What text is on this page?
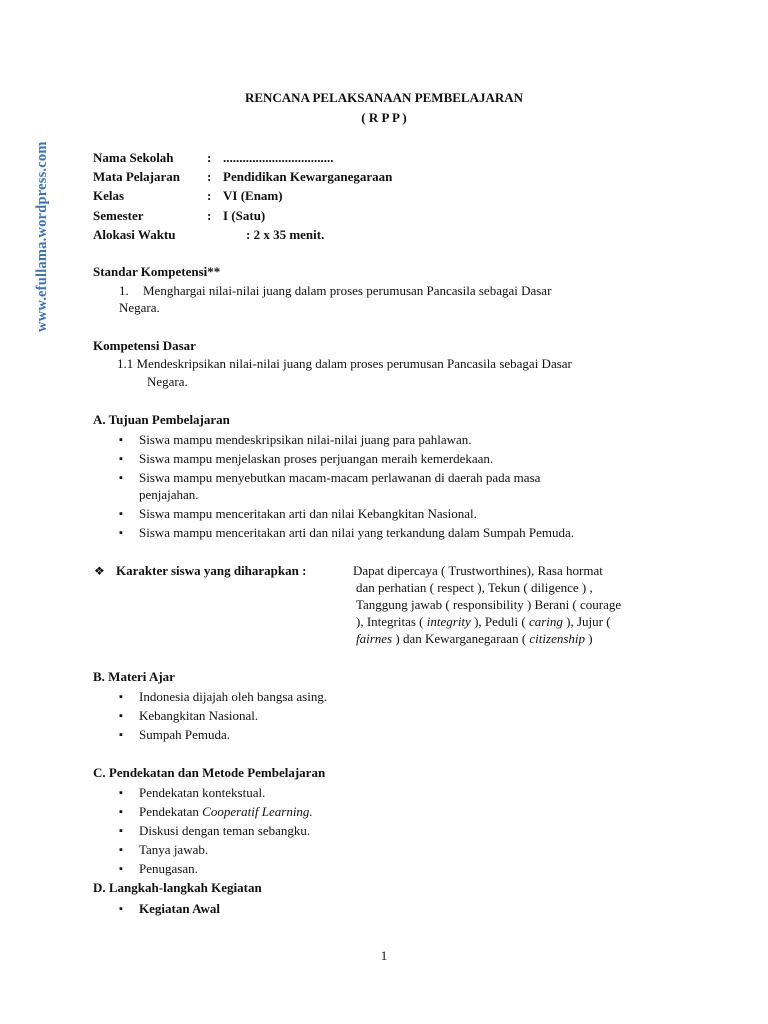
www.efullama.wordpress.com
RENCANA PELAKSANAAN PEMBELAJARAN
( R P P )
Nama Sekolah	: ..................................
Mata Pelajaran : Pendidikan Kewarganegaraan
Kelas	: VI (Enam)
Semester	: I (Satu)
Alokasi Waktu	: 2 x 35 menit.
Standar Kompetensi**
1. Menghargai nilai-nilai juang dalam proses perumusan Pancasila sebagai Dasar
Negara.
Kompetensi Dasar
1.1 Mendeskripsikan nilai-nilai juang dalam proses perumusan Pancasila sebagai Dasar
Negara.
A. Tujuan Pembelajaran
▪ Siswa mampu mendeskripsikan nilai-nilai juang para pahlawan.
▪ Siswa mampu menjelaskan proses perjuangan meraih kemerdekaan.
▪ Siswa mampu menyebutkan macam-macam perlawanan di daerah pada masa
penjajahan.
▪ Siswa mampu menceritakan arti dan nilai Kebangkitan Nasional.
▪ Siswa mampu menceritakan arti dan nilai yang terkandung dalam Sumpah Pemuda.
❖ Karakter siswa yang diharapkan :	Dapat dipercaya ( Trustworthines), Rasa hormat
dan perhatian ( respect ), Tekun ( diligence ) ,
Tanggung jawab ( responsibility ) Berani ( courage
), Integritas ( integrity ), Peduli ( caring ), Jujur (
fairnes ) dan Kewarganegaraan ( citizenship )
B. Materi Ajar
▪ Indonesia dijajah oleh bangsa asing.
▪ Kebangkitan Nasional.
▪ Sumpah Pemuda.
C. Pendekatan dan Metode Pembelajaran
▪ Pendekatan kontekstual.
▪ Pendekatan Cooperatif Learning.
▪ Diskusi dengan teman sebangku.
▪ Tanya jawab.
▪ Penugasan.
D. Langkah-langkah Kegiatan
▪ Kegiatan Awal
1
